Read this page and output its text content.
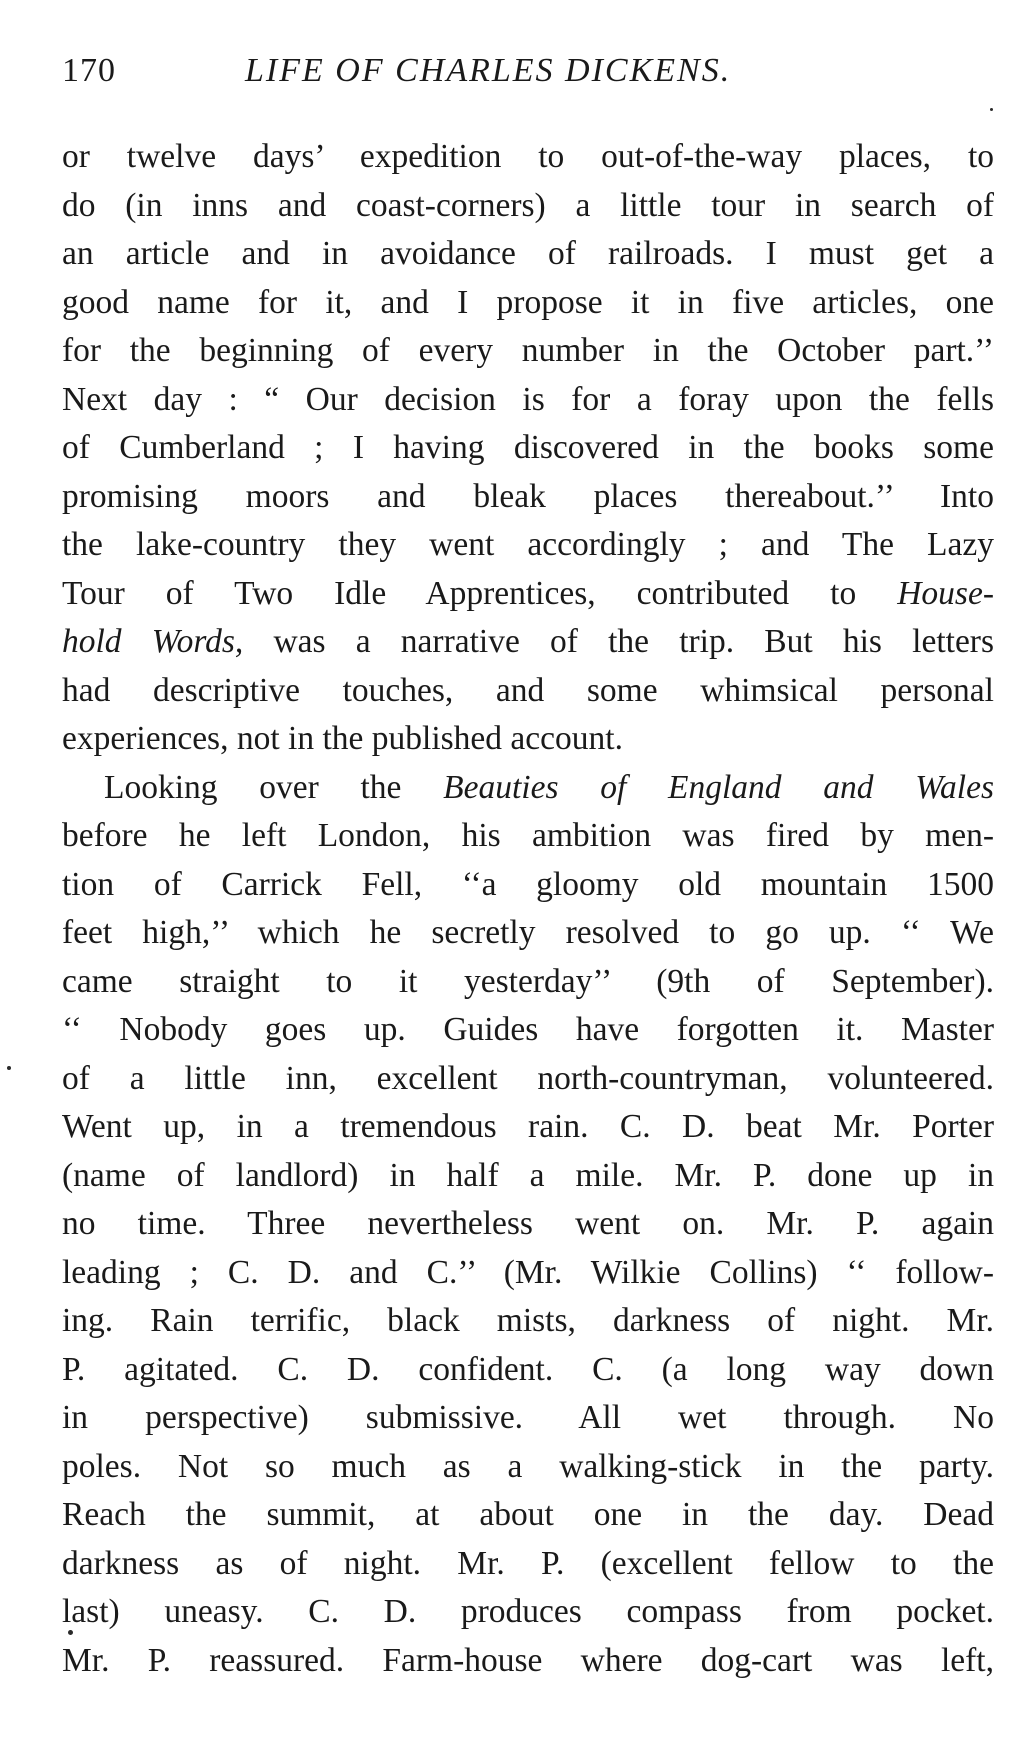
170	LIFE OF CHARLES DICKENS.
or twelve days’ expedition to out-of-the-way places, to
do (in inns and coast-corners) a little tour in search of
an article and in avoidance of railroads. I must get a
good name for it, and I propose it in five articles, one
for the beginning of every number in the October part.’’
Next day : “ Our decision is for a foray upon the fells
of Cumberland ; I having discovered in the books some
promising moors and bleak places thereabout.’’ Into
the lake-country they went accordingly ; and The Lazy
Tour of Two Idle Apprentices, contributed to House-
hold Words, was a narrative of the trip. But his letters
had descriptive touches, and some whimsical personal
experiences, not in the published account.
Looking over the Beauties of England and Wales
before he left London, his ambition was fired by men-
tion of Carrick Fell, ‘‘a gloomy old mountain 1500
feet high,’’ which he secretly resolved to go up. ‘‘ We
came straight to it yesterday’’ (9th of September).
‘‘ Nobody goes up. Guides have forgotten it. Master
of a little inn, excellent north-countryman, volunteered.
Went up, in a tremendous rain. C. D. beat Mr. Porter
(name of landlord) in half a mile. Mr. P. done up in
no time. Three nevertheless went on. Mr. P. again
leading ; C. D. and C.’’ (Mr. Wilkie Collins) ‘‘ follow-
ing. Rain terrific, black mists, darkness of night. Mr.
P. agitated. C. D. confident. C. (a long way down
in perspective) submissive. All wet through. No
poles. Not so much as a walking-stick in the party.
Reach the summit, at about one in the day. Dead
darkness as of night. Mr. P. (excellent fellow to the
last) uneasy. C. D. produces compass from pocket.
Mr. P. reassured. Farm-house where dog-cart was left,
